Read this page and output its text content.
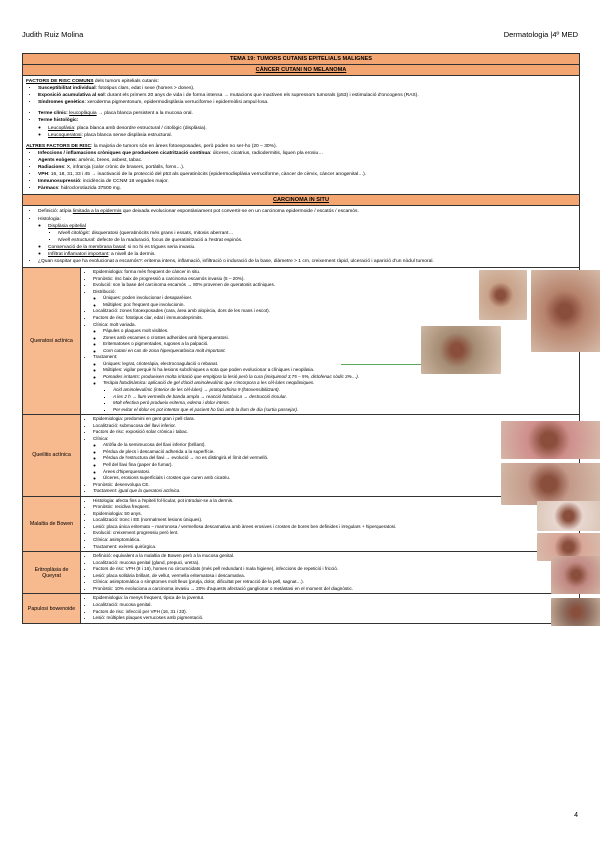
Judith Ruiz Molina	Dermatologia |4º MED
TEMA 19: TUMORS CUTANIS EPITELIALS MALIGNES
CÀNCER CUTANI NO MELANOMA
FACTORS DE RISC COMUNS dels tumors epitelials cutanis:
• Susceptibilitat individual: fototipus clars, edat i sexe (homes > dones).
• Exposició acumulativa al sol: durant els primers 20 anys de vida i de forma intensa → mutacions que inactiven els supressors tumorals (p53) i estimulació d'oncogens (RAS).
• Síndromes genètics: xeroderma pigmentosum, epidermodisplàsia verruciforme i epidermòlisi ampul·losa.
• Terme clínic: leucoplàquia → placa blanca persistent a la mucosa oral.
• Terme histològic:
◦ Leucoplàsia: placa blanca amb desordre estructural / citològic (displàsia).
◦ Leucoqueratosi: placa blanca sense displàsia estructural.
ALTRES FACTORS DE RISC: la majoria de tumors són en àrees fotoexposades, però poden no ser-ho (20 – 30%).
• Infeccions / inflamacions cròniques que produeixen cicatrització contínua: úlceres, cicatrius, radiodermitis, liquen pla erosiu…
• Agents exògens: arsènic, brees, asbest, tabac.
• Radiacions: X, infraroja (calor crònic de brasers, portàtils, forns…).
• VPH: 16, 18, 31, 33 i 45 → inactivació de la protecció del p53 als queratinòcits (epidermodisplàsia verruciforme, càncer de cèrvix, càncer anogenital…).
• Immunosupressió: incidència de CCNM 18 vegades major.
• Fàrmacs: hidroclorotiazida 37500 mg.
CARCINOMA IN SITU
• Definició: atípia limitada a la epidermis que deixada evolucionar espontàniament pot convertir-se en un carcinoma epidermoide / escatós / escamós.
• Histologia:
◦ Displàsia epitelial
▪ Nivell citològic: disqueratosi (queratinòcits més grans i essats, mitosis aberrant…
▪ Nivell estructural: defecte de la maduració, focus de queratinització a l'estrat espinós.
◦ Conservació de la membrana basal: si no hi es trigues seria invasiu.
◦ Infiltrat inflamatori important: a nivell de la dermis.
• ¿Quan sospitar que ha evolucionat a escamós?: eritema intens, inflamació, infiltració o induració de la base, diàmetre > 1 cm, creixement ràpid, ulceració i aparició d'un nòdul tumoral.
Queratosi actínica
• Epidemiologia: forma més freqüent de càncer in situ.
• Pronòstic: risc baix de progressió a carcinoma escamós invasiu (5 – 20%).
• Evolució: son la base del carcinoma escamós → 80% provenen de queratosis actíniques.
• Distribució:
◦ Úniques: poden involucionar i desaparèixer.
◦ Múltiples: poc freqüent que involucionin.
• Localització: zones fotoexposades (cara, àrea amb alopècia, dors de les mans i escot).
• Factors de risc: fototipus clar, edat i immunodeprimits.
• Clínica: molt variada.
◦ Pàpules o plaques molt visibles.
◦ Zones amb escames o crostes adherides amb hiperqueratosi.
◦ Eritematoses o pigmentades, rugoses a la palpació.
◦ Corn cutani en cas de zona hiperqueratòsica molt important.
• Tractament:
◦ Úniques: legrat, crioteràpia, electrocoagulació o rebanat.
◦ Múltiples: vigilar perquè hi ha lesions subclíniques a sota que poden evolucionar a clíniques i neoplàsia.
◦ Pomades irritants: produeixen molta irritació que empitjora la lesió però la cura (imiquimod 3,75 – 5%, diclofenac sòdic 3%…).
◦ Teràpia fotodinàmica: aplicació de gel d'àcid aminolevulínic que s'incorpora a les cèl·lules neoplàsiques.
▪ Àcid aminolevulínic (interior de les cèl·lules) → protoporfirina 9 (fotosensibilitzant).
▪ A les 2 h → llum vermella de banda ampla → reacció fototòxica → destrucció tissular.
▪ Molt efectiva però produeix eritema, edema i dolor intens.
▪ Per evitar el dolor es pot intentar que el pacient ho faci amb la llum de dia (surtia passejar).
Queilitis actínica
• Epidemiologia: predomini en gent gran i pell clara.
• Localització: submucosa del llavi inferior.
• Factors de risc: exposició solar crònica i tabac.
• Clínica:
◦ Atròfia de la semimucosa del llavi inferior (brillant).
◦ Pèrdua de plecs i descamació adherida a la superfície.
◦ Pèrdua de l'estructura del llavi → evolució → no es distingirà el límit del vermelló.
◦ Pell del llavi fina (paper de fumar).
◦ Àrees d'hiperqueratosi.
◦ Úlceres, erosions superficials i crostes que curen amb cicatriu.
• Pronòstic: desenvolupa CE.
• Tractament: igual que la queratosi actínica.
Malaltia de Bowen
• Histologia: afecta fins a l'epiteli fol·licular, pot introduir-se a la dermis.
• Pronòstic: recidiva freqüent.
• Epidemiologia: 50 anys.
• Localització: tronc i EE (normalment lesions úniques).
• Lesió: placa única eritemato – marronosa / vermellosa descamativa amb àrees erosives i crostes de bores ben definides i irregulars + hiperqueratosi.
• Evolució: creixement progressiu però lent.
• Clínica: asimptomàtica.
• Tractament: exèresi quirúrgica.
Eritroplàsia de Queyrat
• Definició: equivalent a la malaltia de Bowen però a la mucosa genital.
• Localització: mucosa genital (gland, prepuci, uretra).
• Factors de risc: VPH (8 i 16), homes no circumcidats (més pell redundant i mala higiene), infeccions de repetició i fricció.
• Lesió: placa solitària brillant, de vellut, vermella eritematosa i descamativa.
• Clínica: asimptomàtica o símptomes molt lleus (pruïja, dolor, dificultat per retracció de la pell, sagnat…).
• Pronòstic: 10% evoluciona a carcinoma invasiu → 20% d'aquests afectació ganglionar o metàstasi en el moment del diagnòstic.
Papulosi bowenoide
• Epidemiologia: la menys freqüent, típica de la joventut.
• Localització: mucosa genital.
• Factors de risc: infecció per VPH (16, 31 i 33).
• Lesió: múltiples plaques verrucoses amb pigmentació.
4
